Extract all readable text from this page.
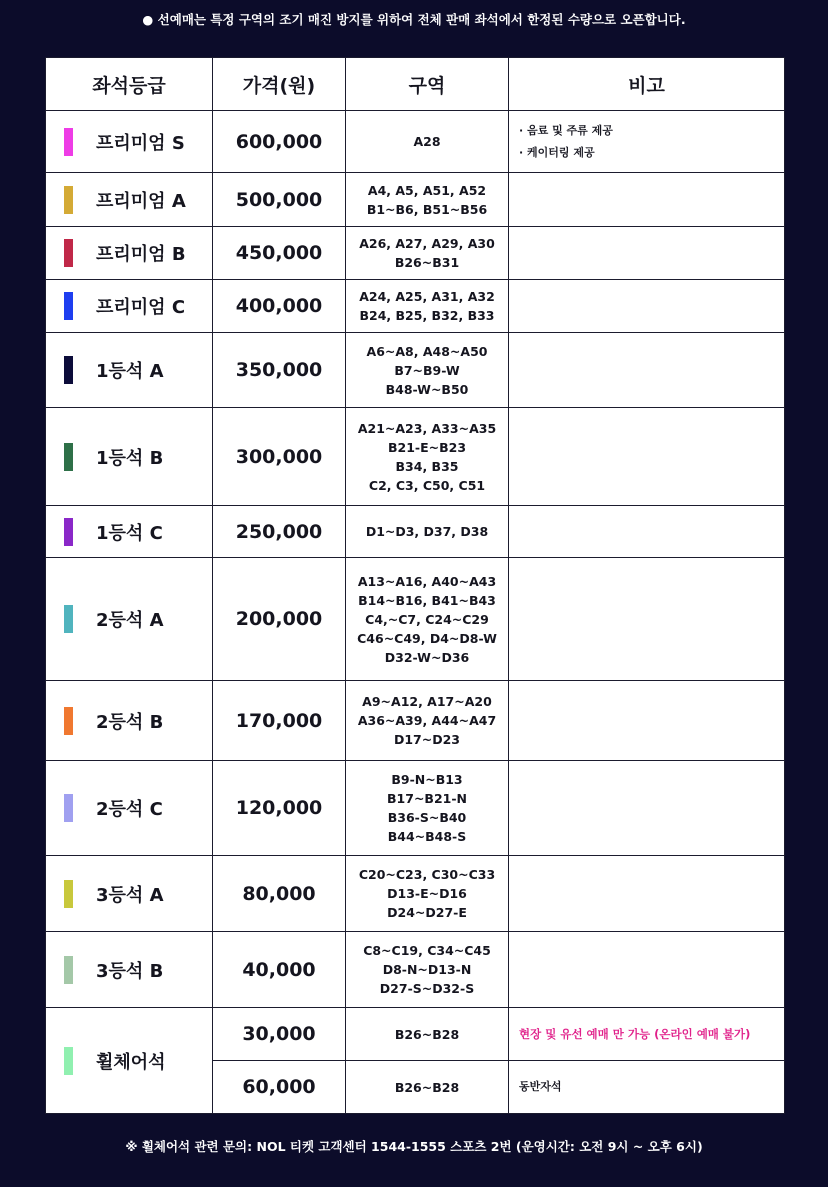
● 선예매는 특정 구역의 조기 매진 방지를 위하여 전체 판매 좌석에서 한정된 수량으로 오픈합니다.
좌석등급	가격(원)	구역	비고

프리미엄 S	600,000	A28	· 음료 및 주류 제공
· 케이터링 제공

프리미엄 A	500,000	A4, A5, A51, A52
B1~B6, B51~B56	

프리미엄 B	450,000	A26, A27, A29, A30
B26~B31	

프리미엄 C	400,000	A24, A25, A31, A32
B24, B25, B32, B33	

1등석 A	350,000	A6~A8, A48~A50
B7~B9-W
B48-W~B50	

1등석 B	300,000	A21~A23, A33~A35
B21-E~B23
B34, B35
C2, C3, C50, C51	

1등석 C	250,000	D1~D3, D37, D38	

2등석 A	200,000	A13~A16, A40~A43
B14~B16, B41~B43
C4,~C7, C24~C29
C46~C49, D4~D8-W
D32-W~D36	

2등석 B	170,000	A9~A12, A17~A20
A36~A39, A44~A47
D17~D23	

2등석 C	120,000	B9-N~B13
B17~B21-N
B36-S~B40
B44~B48-S	

3등석 A	80,000	C20~C23, C30~C33
D13-E~D16
D24~D27-E	

3등석 B	40,000	C8~C19, C34~C45
D8-N~D13-N
D27-S~D32-S	

휠체어석	30,000	B26~B28	현장 및 유선 예매 만 가능 (온라인 예매 불가)
	60,000	B26~B28	동반자석
※ 휠체어석 관련 문의: NOL 티켓 고객센터 1544-1555 스포츠 2번 (운영시간: 오전 9시 ~ 오후 6시)
